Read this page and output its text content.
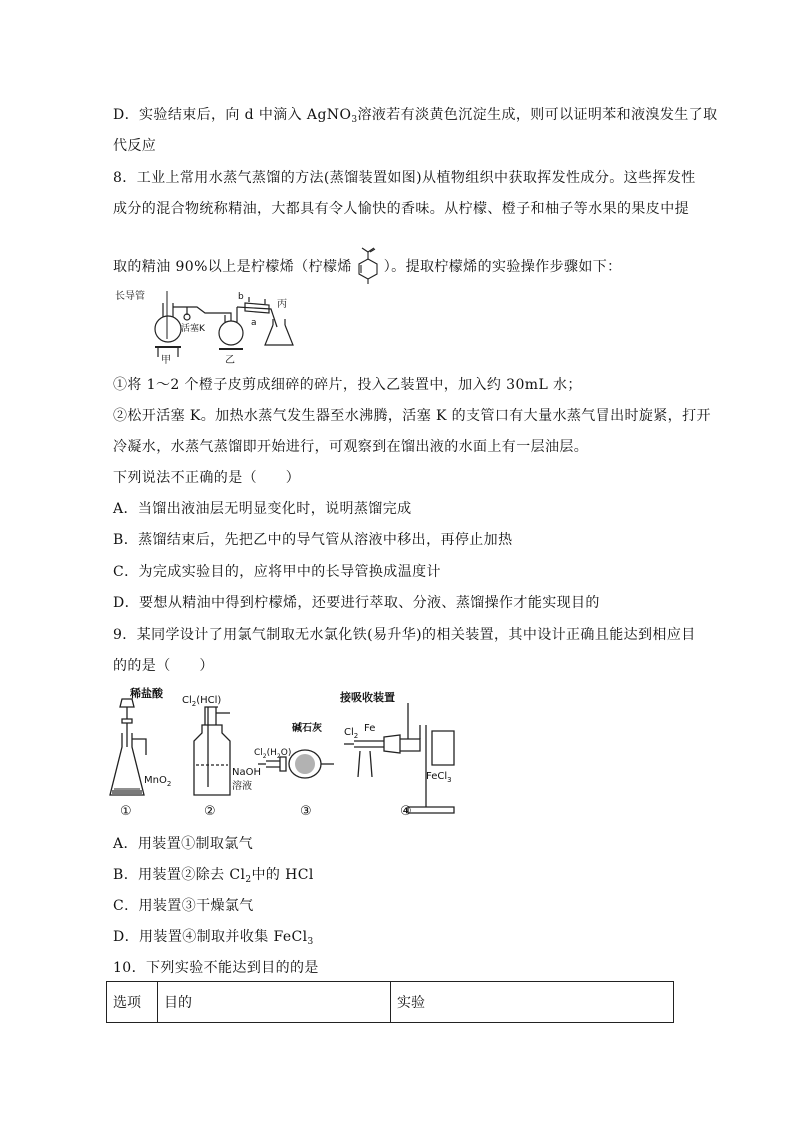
D．实验结束后，向 d 中滴入 AgNO$_3$溶液若有淡黄色沉淀生成，则可以证明苯和液溴发生了取
代反应
8．工业上常用水蒸气蒸馏的方法(蒸馏装置如图)从植物组织中获取挥发性成分。这些挥发性
成分的混合物统称精油，大都具有令人愉快的香味。从柠檬、橙子和柚子等水果的果皮中提
取的精油 90%以上是柠檬烯（柠檬烯 ）。提取柠檬烯的实验操作步骤如下：
长导管
活塞K
甲	乙
丙
a
b
①将 1～2 个橙子皮剪成细碎的碎片，投入乙装置中，加入约 30mL 水；
②松开活塞 K。加热水蒸气发生器至水沸腾，活塞 K 的支管口有大量水蒸气冒出时旋紧，打开
冷凝水，水蒸气蒸馏即开始进行，可观察到在馏出液的水面上有一层油层。
下列说法不正确的是（　　）
A．当馏出液油层无明显变化时，说明蒸馏完成
B．蒸馏结束后，先把乙中的导气管从溶液中移出，再停止加热
C．为完成实验目的，应将甲中的长导管换成温度计
D．要想从精油中得到柠檬烯，还要进行萃取、分液、蒸馏操作才能实现目的
9．某同学设计了用氯气制取无水氯化铁(易升华)的相关装置，其中设计正确且能达到相应目
的的是（　　）
稀盐酸
MnO$_2$
$Cl_2(HCl)$
NaOH
溶液
碱石灰
$Cl_2(H_2O)$
接吸收装置
$Cl_2$
Fe
FeCl$_3$
①	②	③	④
A．用装置①制取氯气
B．用装置②除去 $Cl_2$中的 HCl
C．用装置③干燥氯气
D．用装置④制取并收集 FeCl$_3$
10．下列实验不能达到目的的是
选项	目的	实验
